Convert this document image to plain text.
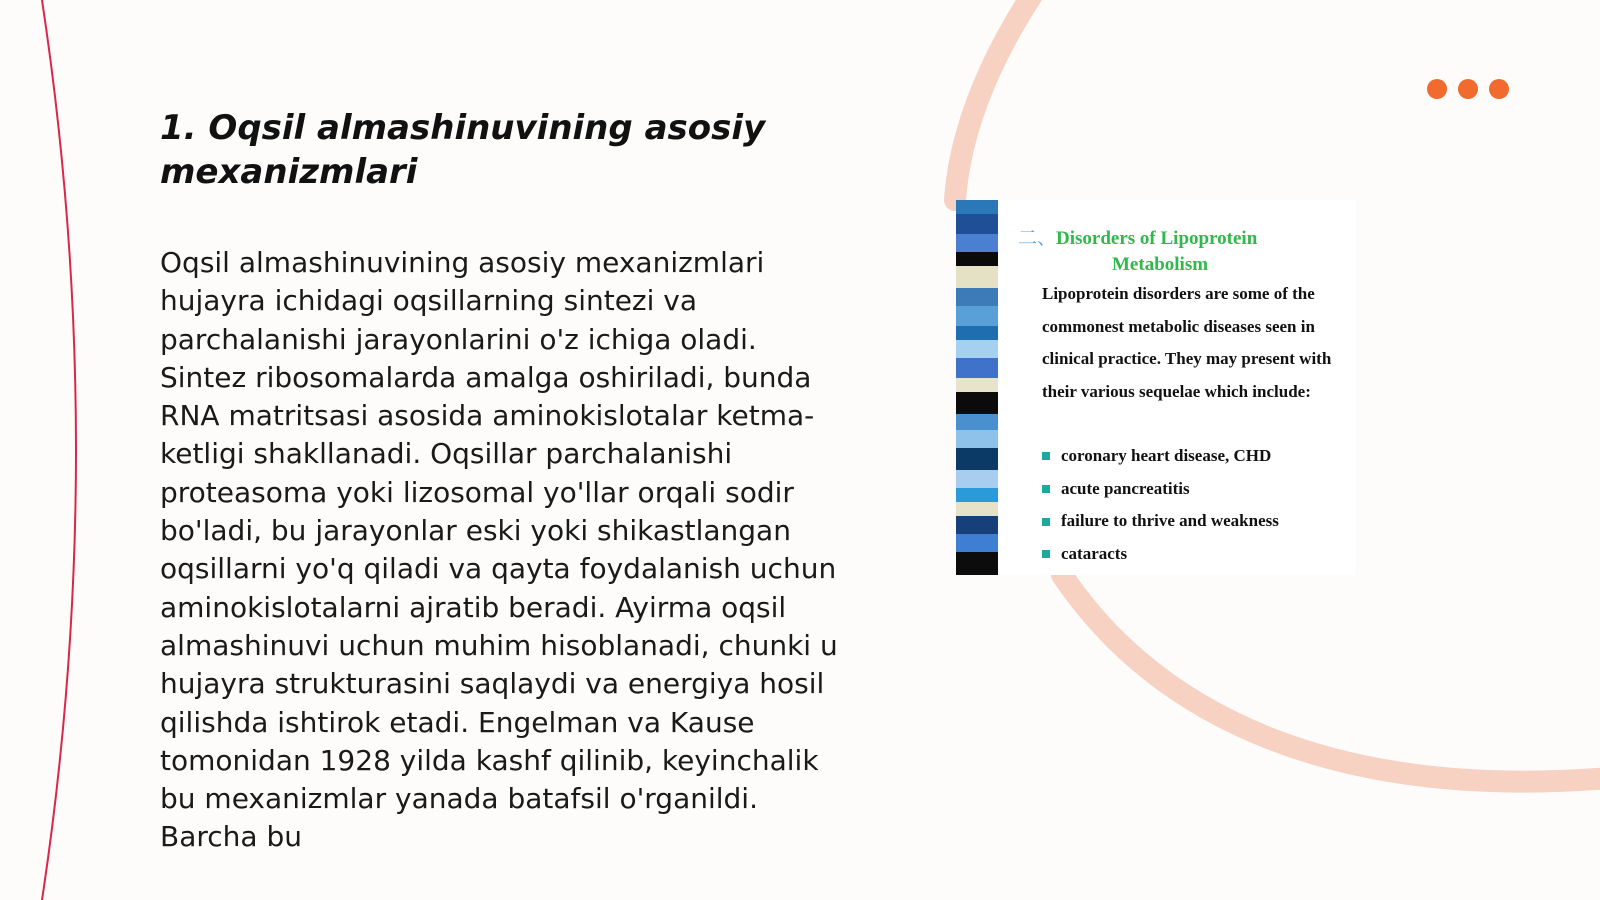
1. Oqsil almashinuvining asosiy mexanizmlari

Oqsil almashinuvining asosiy mexanizmlari hujayra ichidagi oqsillarning sintezi va parchalanishi jarayonlarini o'z ichiga oladi. Sintez ribosomalarda amalga oshiriladi, bunda RNA matritsasi asosida aminokislotalar ketma-ketligi shakllanadi. Oqsillar parchalanishi proteasoma yoki lizosomal yo'llar orqali sodir bo'ladi, bu jarayonlar eski yoki shikastlangan oqsillarni yo'q qiladi va qayta foydalanish uchun aminokislotalarni ajratib beradi. Ayirma oqsil almashinuvi uchun muhim hisoblanadi, chunki u hujayra strukturasini saqlaydi va energiya hosil qilishda ishtirok etadi. Engelman va Kause tomonidan 1928 yilda kashf qilinib, keyinchalik bu mexanizmlar yanada batafsil o'rganildi. Barcha bu

二、Disorders of Lipoprotein
Metabolism

Lipoprotein disorders are some of the commonest metabolic diseases seen in clinical practice. They may present with their various sequelae which include:

coronary heart disease, CHD
acute pancreatitis
failure to thrive and weakness
cataracts
